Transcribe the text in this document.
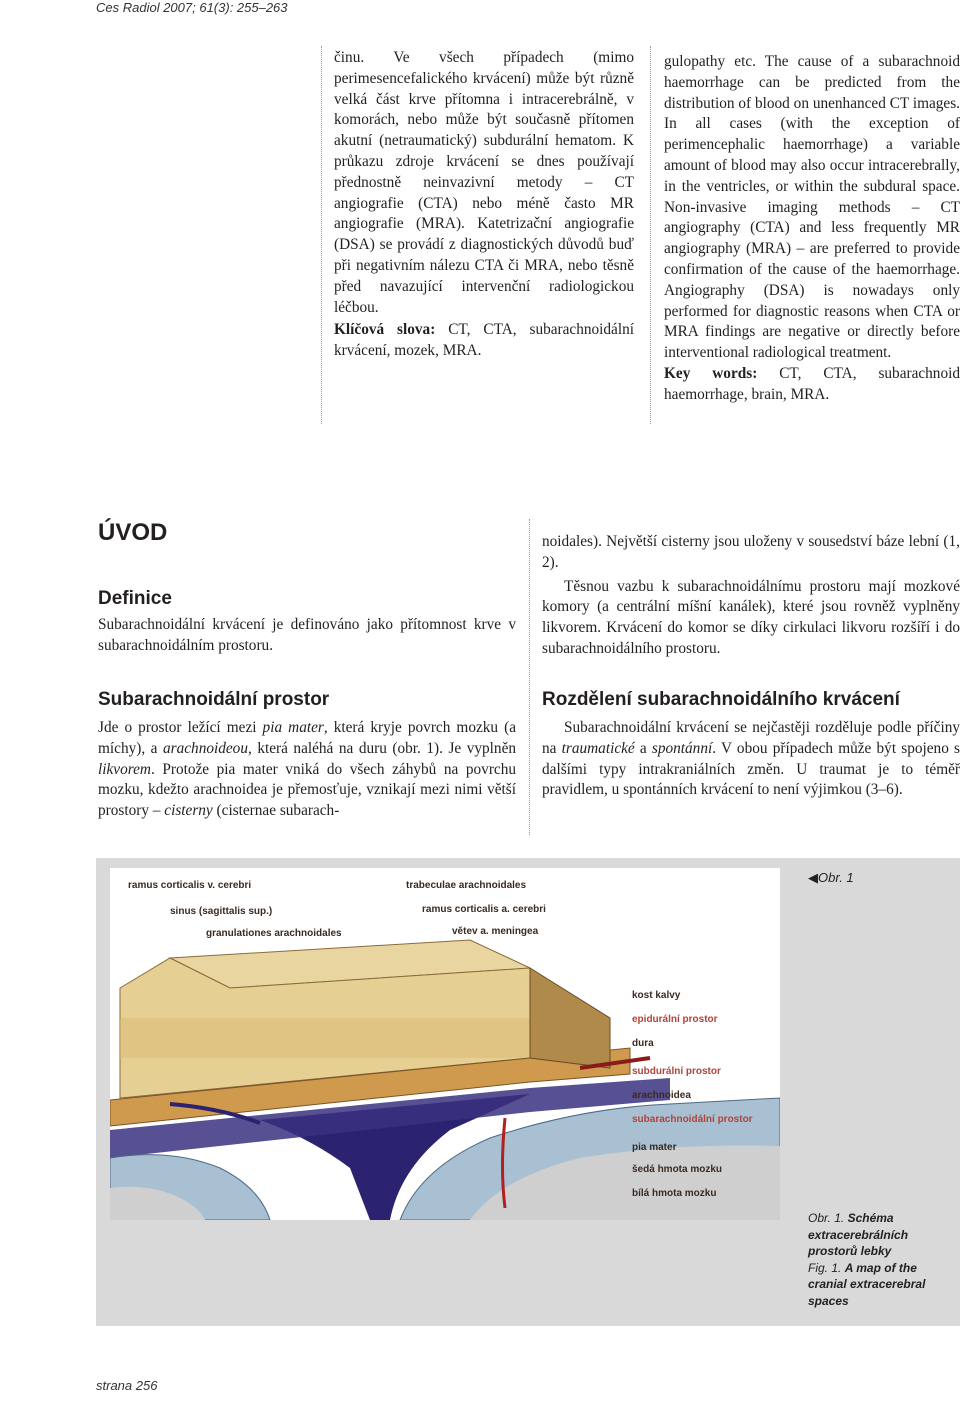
Ces Radiol 2007; 61(3): 255–263

činu. Ve všech případech (mimo perimesencefalického krvácení) může být různě velká část krve přítomna i intracerebrálně, v komorách, nebo může být současně přítomen akutní (netraumatický) subdurální hematom. K průkazu zdroje krvácení se dnes používají přednostně neinvazivní metody – CT angiografie (CTA) nebo méně často MR angiografie (MRA). Katetrizační angiografie (DSA) se provádí z diagnostických důvodů buď při negativním nálezu CTA či MRA, nebo těsně před navazující intervenční radiologickou léčbou.

Klíčová slova: CT, CTA, subarachnoidální krvácení, mozek, MRA.

gulopathy etc. The cause of a subarachnoid haemorrhage can be predicted from the distribution of blood on unenhanced CT images. In all cases (with the exception of perimencephalic haemorrhage) a variable amount of blood may also occur intracerebrally, in the ventricles, or within the subdural space. Non-invasive imaging methods – CT angiography (CTA) and less frequently MR angiography (MRA) – are preferred to provide confirmation of the cause of the haemorrhage. Angiography (DSA) is nowadays only performed for diagnostic reasons when CTA or MRA findings are negative or directly before interventional radiological treatment.

Key words: CT, CTA, subarachnoid haemorrhage, brain, MRA.

ÚVOD
Definice

Subarachnoidální krvácení je definováno jako přítomnost krve v subarachnoidálním prostoru.

Subarachnoidální prostor

Jde o prostor ležící mezi pia mater, která kryje povrch mozku (a míchy), a arachnoideou, která naléhá na duru (obr. 1). Je vyplněn likvorem. Protože pia mater vniká do všech záhybů na povrchu mozku, kdežto arachnoidea je přemosťuje, vznikají mezi nimi větší prostory – cisterny (cisternae subarach-

noidales). Největší cisterny jsou uloženy v sousedství báze lební (1, 2).

Těsnou vazbu k subarachnoidálnímu prostoru mají mozkové komory (a centrální míšní kanálek), které jsou rovněž vyplněny likvorem. Krvácení do komor se díky cirkulaci likvoru rozšíří i do subarachnoidálního prostoru.

Rozdělení subarachnoidálního krvácení

Subarachnoidální krvácení se nejčastěji rozděluje podle příčiny na traumatické a spontánní. V obou případech může být spojeno s dalšími typy intrakraniálních změn. U traumat je to téměř pravidlem, u spontánních krvácení to není výjimkou (3–6).

ramus corticalis v. cerebri
sinus (sagittalis sup.)
granulationes arachnoidales
trabeculae arachnoidales
ramus corticalis a. cerebri
větev a. meningea
kost kalvy
epidurální prostor
dura
subdurální prostor
arachnoidea
subarachnoidální prostor
pia mater
šedá hmota mozku
bílá hmota mozku
◀Obr. 1
Obr. 1. Schéma extracerebrálních prostorů lebky
Fig. 1. A map of the cranial extracerebral spaces
strana 256
